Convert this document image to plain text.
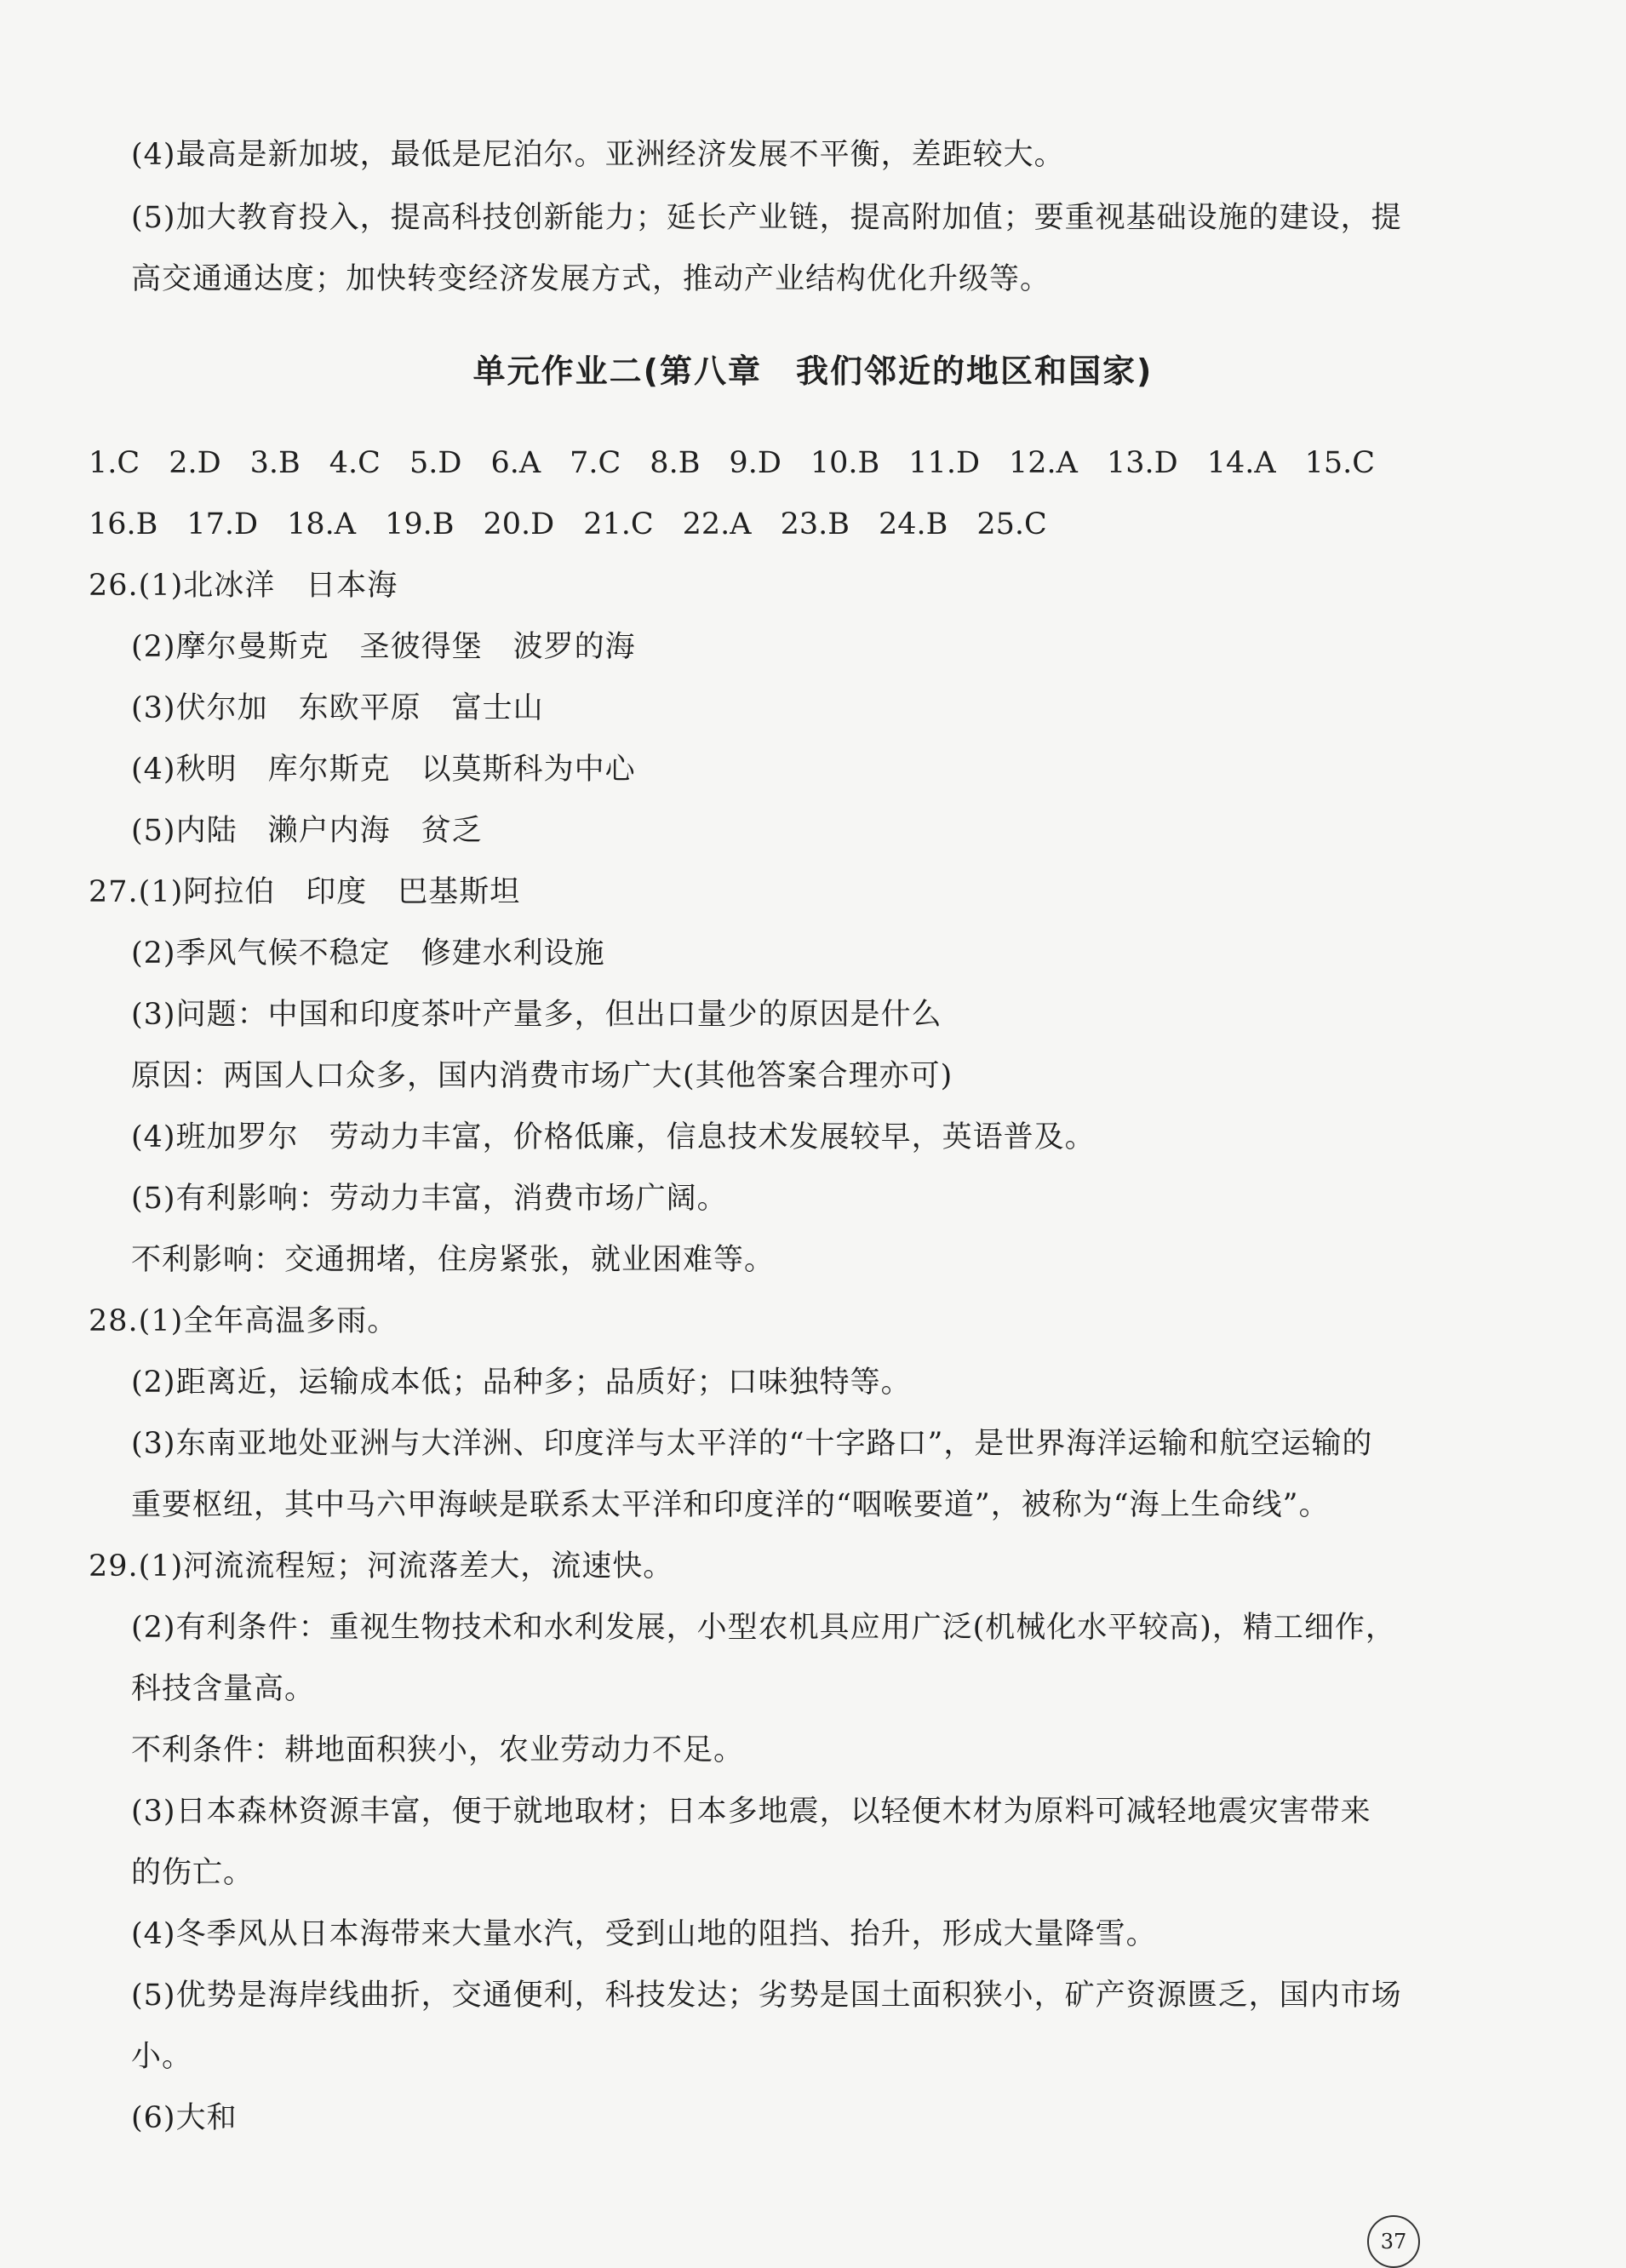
(4)最高是新加坡，最低是尼泊尔。亚洲经济发展不平衡，差距较大。

(5)加大教育投入，提高科技创新能力；延长产业链，提高附加值；要重视基础设施的建设，提

高交通通达度；加快转变经济发展方式，推动产业结构优化升级等。

单元作业二(第八章　我们邻近的地区和国家)

1.C 2.D 3.B 4.C 5.D 6.A 7.C 8.B 9.D 10.B 11.D 12.A 13.D 14.A 15.C

16.B 17.D 18.A 19.B 20.D 21.C 22.A 23.B 24.B 25.C

26.(1)北冰洋　日本海

(2)摩尔曼斯克　圣彼得堡　波罗的海

(3)伏尔加　东欧平原　富士山

(4)秋明　库尔斯克　以莫斯科为中心

(5)内陆　濑户内海　贫乏

27.(1)阿拉伯　印度　巴基斯坦

(2)季风气候不稳定　修建水利设施

(3)问题：中国和印度茶叶产量多，但出口量少的原因是什么

原因：两国人口众多，国内消费市场广大(其他答案合理亦可)

(4)班加罗尔　劳动力丰富，价格低廉，信息技术发展较早，英语普及。

(5)有利影响：劳动力丰富，消费市场广阔。

不利影响：交通拥堵，住房紧张，就业困难等。

28.(1)全年高温多雨。

(2)距离近，运输成本低；品种多；品质好；口味独特等。

(3)东南亚地处亚洲与大洋洲、印度洋与太平洋的“十字路口”，是世界海洋运输和航空运输的

重要枢纽，其中马六甲海峡是联系太平洋和印度洋的“咽喉要道”，被称为“海上生命线”。

29.(1)河流流程短；河流落差大，流速快。

(2)有利条件：重视生物技术和水利发展，小型农机具应用广泛(机械化水平较高)，精工细作，

科技含量高。

不利条件：耕地面积狭小，农业劳动力不足。

(3)日本森林资源丰富，便于就地取材；日本多地震，以轻便木材为原料可减轻地震灾害带来

的伤亡。

(4)冬季风从日本海带来大量水汽，受到山地的阻挡、抬升，形成大量降雪。

(5)优势是海岸线曲折，交通便利，科技发达；劣势是国土面积狭小，矿产资源匮乏，国内市场

小。

(6)大和

37
